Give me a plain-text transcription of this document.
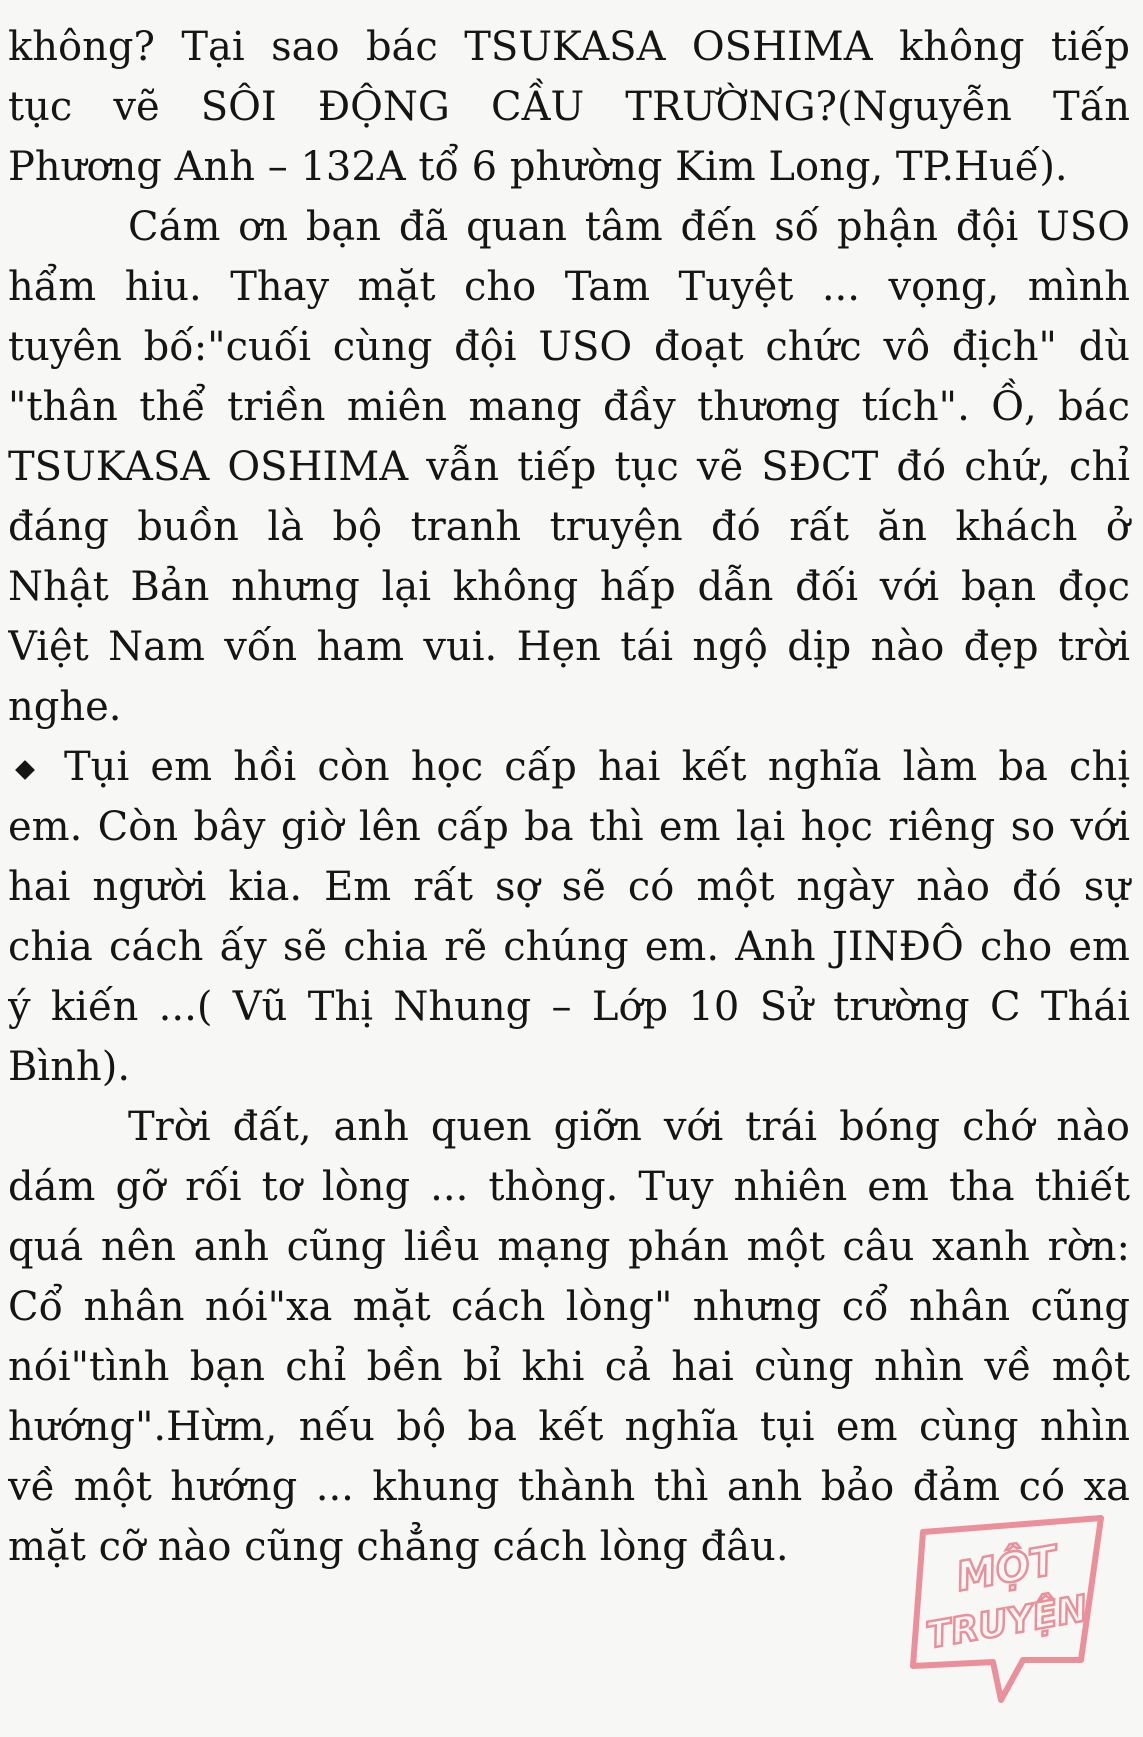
không? Tại sao bác TSUKASA OSHIMA không tiếp
tục vẽ SÔI ĐỘNG CẦU TRƯỜNG?(Nguyễn Tấn
Phương Anh – 132A tổ 6 phường Kim Long, TP.Huế).
Cám ơn bạn đã quan tâm đến số phận đội USO
hẩm hiu. Thay mặt cho Tam Tuyệt ... vọng, mình
tuyên bố:"cuối cùng đội USO đoạt chức vô địch" dù
"thân thể triền miên mang đầy thương tích". Ồ, bác
TSUKASA OSHIMA vẫn tiếp tục vẽ SĐCT đó chứ, chỉ
đáng buồn là bộ tranh truyện đó rất ăn khách ở
Nhật Bản nhưng lại không hấp dẫn đối với bạn đọc
Việt Nam vốn ham vui. Hẹn tái ngộ dịp nào đẹp trời
nghe.
Tụi em hồi còn học cấp hai kết nghĩa làm ba chị
em. Còn bây giờ lên cấp ba thì em lại học riêng so với
hai người kia. Em rất sợ sẽ có một ngày nào đó sự
chia cách ấy sẽ chia rẽ chúng em. Anh JINĐÔ cho em
ý kiến ...( Vũ Thị Nhung – Lớp 10 Sử trường C Thái
Bình).
Trời đất, anh quen giỡn với trái bóng chớ nào
dám gỡ rối tơ lòng ... thòng. Tuy nhiên em tha thiết
quá nên anh cũng liều mạng phán một câu xanh rờn:
Cổ nhân nói"xa mặt cách lòng" nhưng cổ nhân cũng
nói"tình bạn chỉ bền bỉ khi cả hai cùng nhìn về một
hướng".Hừm, nếu bộ ba kết nghĩa tụi em cùng nhìn
về một hướng ... khung thành thì anh bảo đảm có xa
mặt cỡ nào cũng chẳng cách lòng đâu.	MỘT
TRUYỆN
